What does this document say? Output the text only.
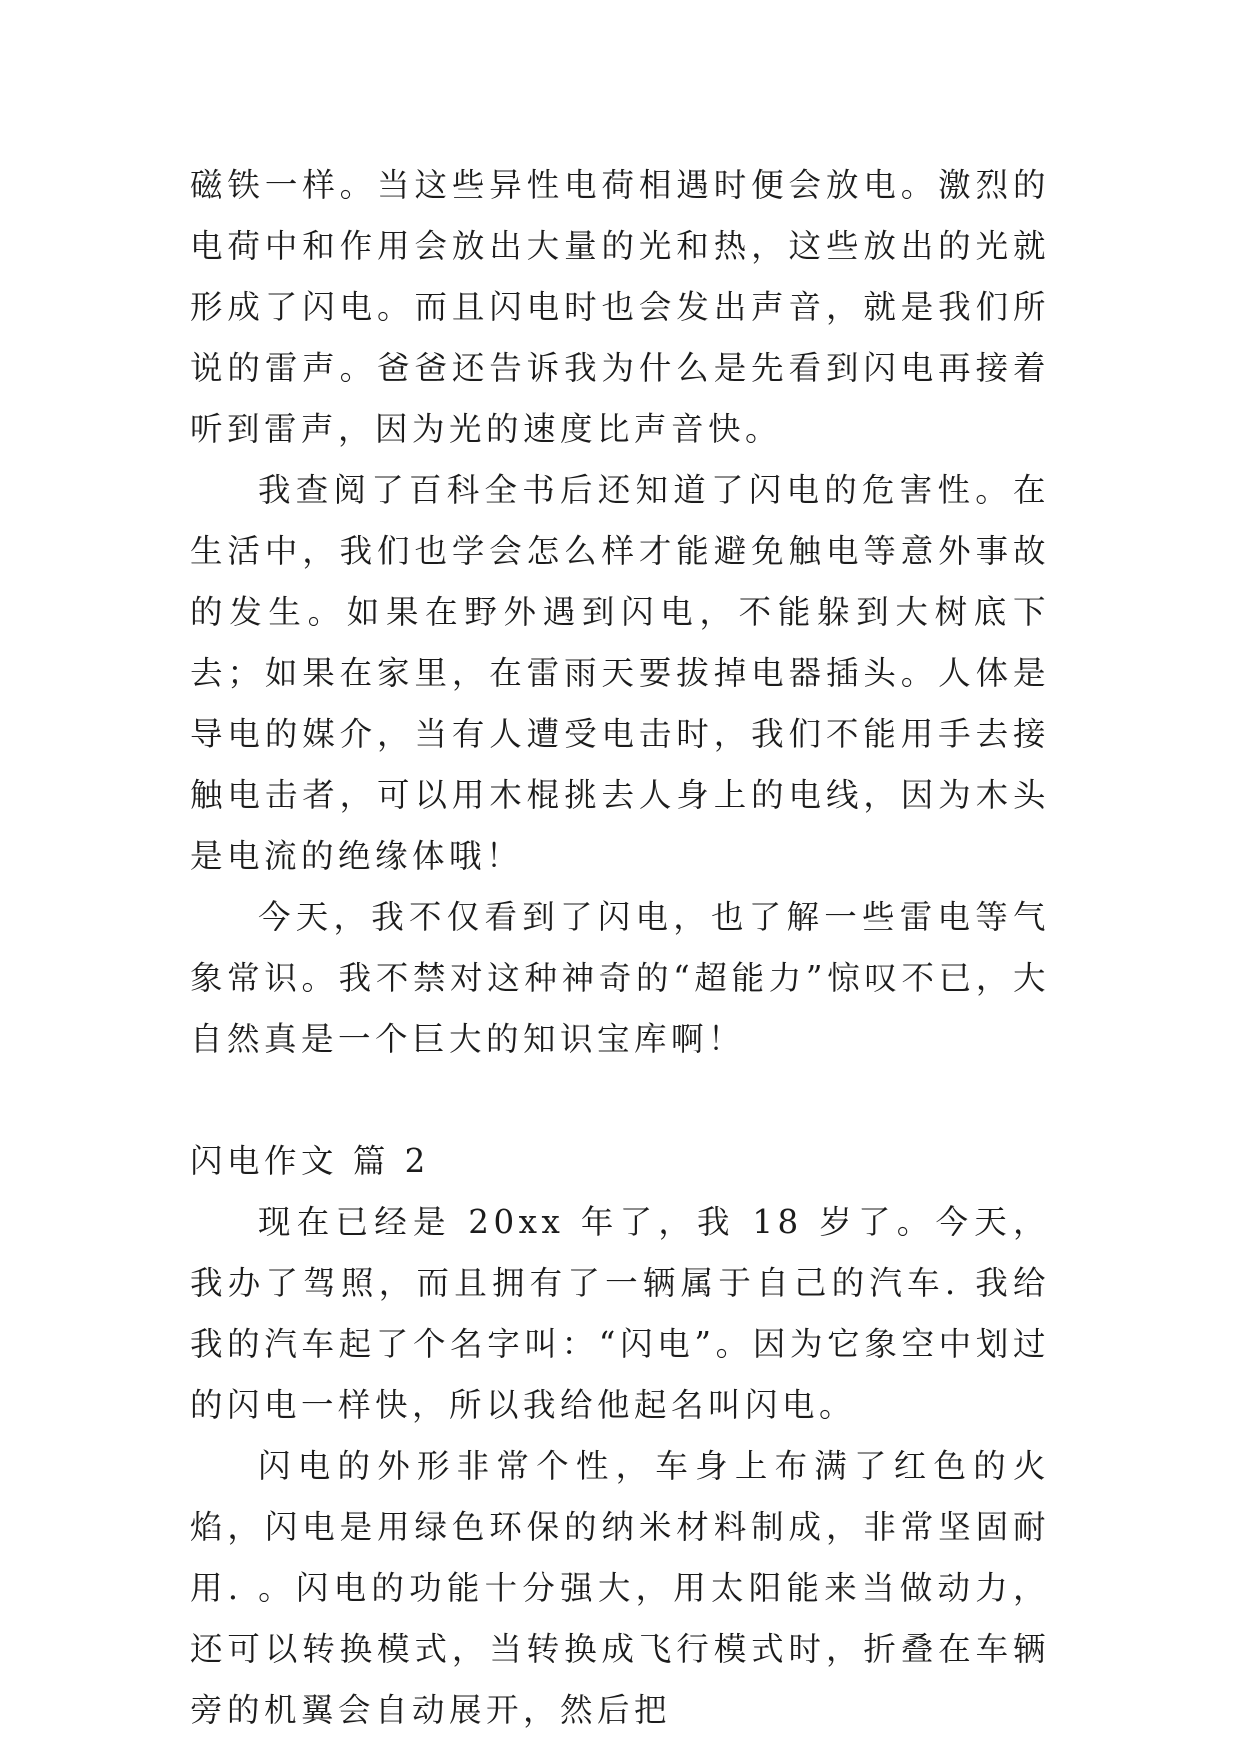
磁铁一样。当这些异性电荷相遇时便会放电。激烈的电荷中和作用会放出大量的光和热，这些放出的光就形成了闪电。而且闪电时也会发出声音，就是我们所说的雷声。爸爸还告诉我为什么是先看到闪电再接着听到雷声，因为光的速度比声音快。

我查阅了百科全书后还知道了闪电的危害性。在生活中，我们也学会怎么样才能避免触电等意外事故的发生。如果在野外遇到闪电，不能躲到大树底下去；如果在家里，在雷雨天要拔掉电器插头。人体是导电的媒介，当有人遭受电击时，我们不能用手去接触电击者，可以用木棍挑去人身上的电线，因为木头是电流的绝缘体哦！

今天，我不仅看到了闪电，也了解一些雷电等气象常识。我不禁对这种神奇的“超能力”惊叹不已，大自然真是一个巨大的知识宝库啊！

闪电作文 篇 2

现在已经是 20xx 年了，我 18 岁了。今天，我办了驾照，而且拥有了一辆属于自己的汽车. 我给我的汽车起了个名字叫：“闪电”。因为它象空中划过的闪电一样快，所以我给他起名叫闪电。

闪电的外形非常个性，车身上布满了红色的火焰，闪电是用绿色环保的纳米材料制成，非常坚固耐用. 。闪电的功能十分强大，用太阳能来当做动力，还可以转换模式，当转换成飞行模式时，折叠在车辆旁的机翼会自动展开，然后把
